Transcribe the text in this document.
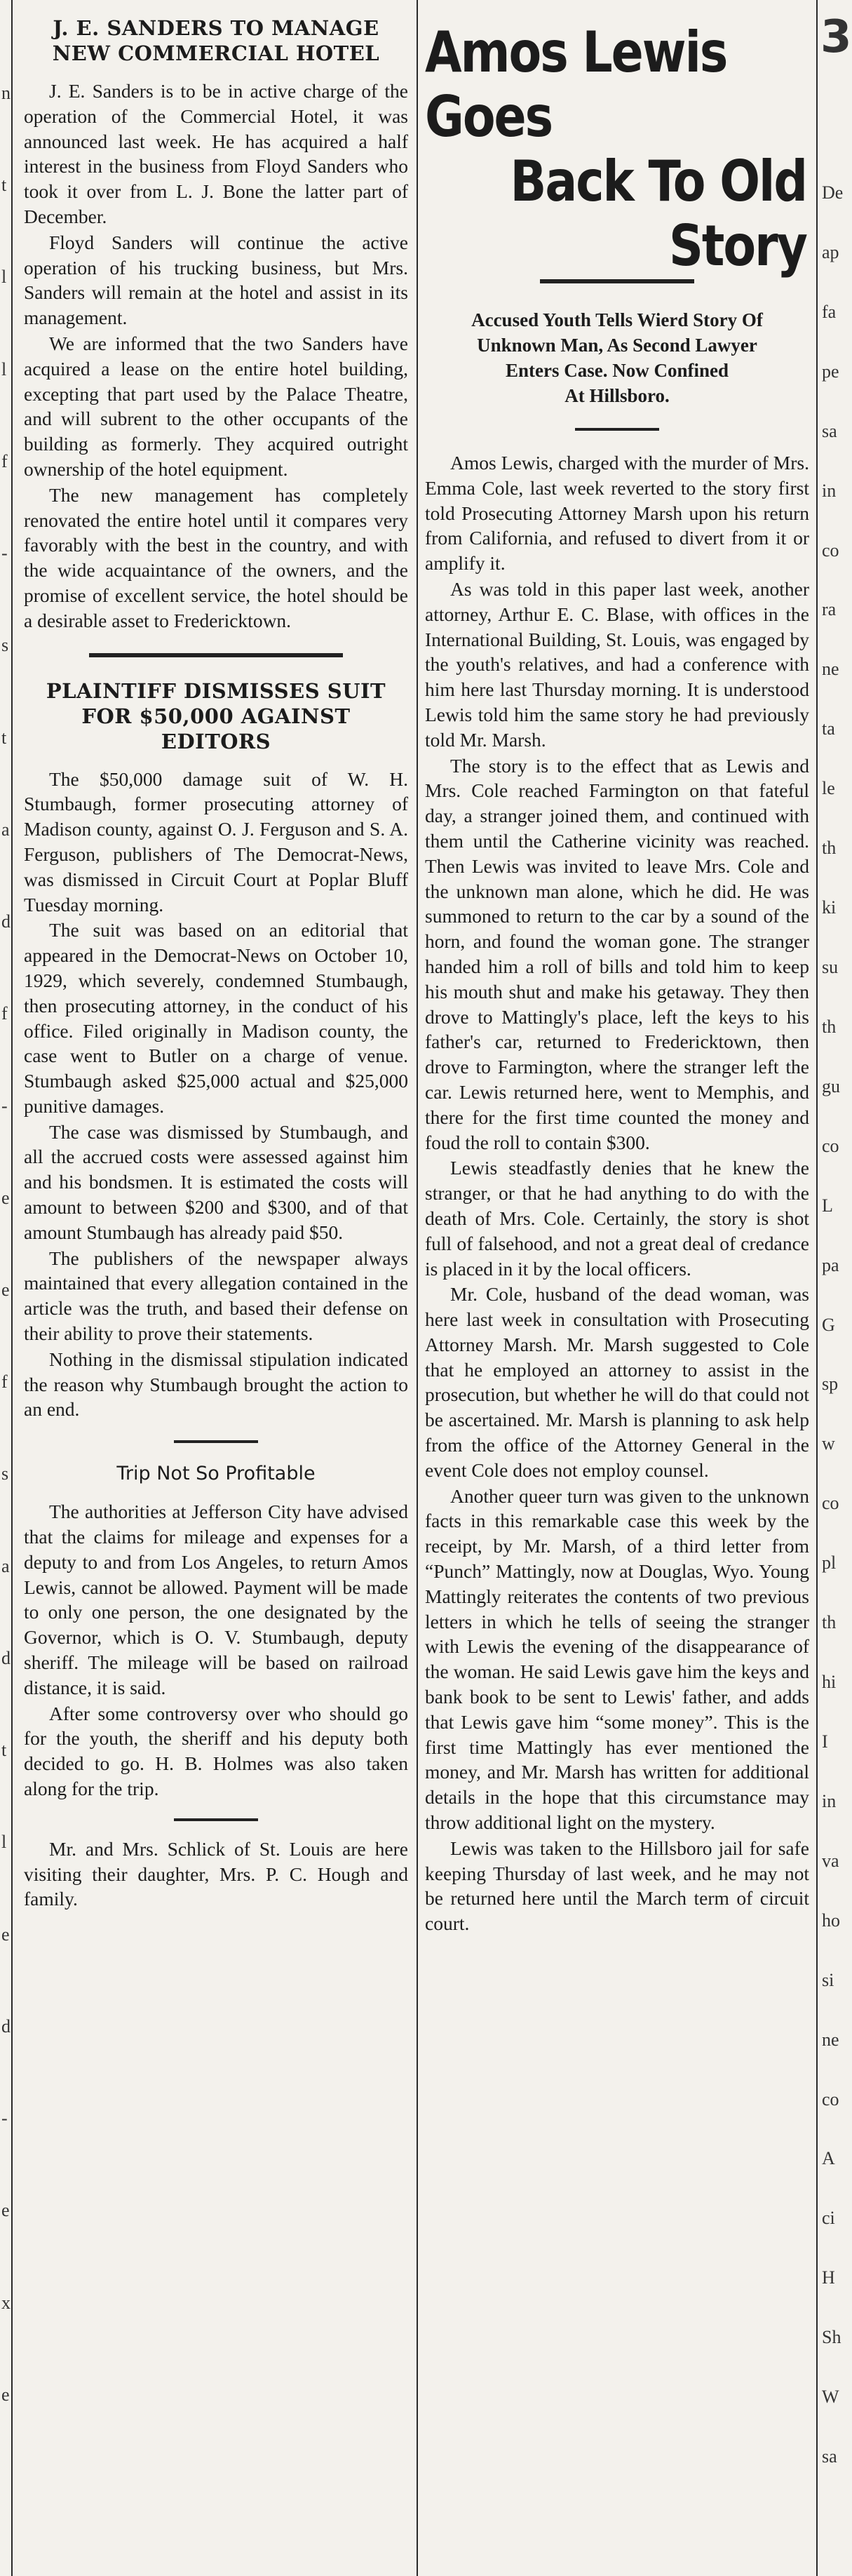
n
t
l
l
f
-
s
t
a
d
f
-
e
e
f
s
a
d
t
l
e
d
-
e
x
e
J. E. SANDERS TO MANAGE
NEW COMMERCIAL HOTEL

J. E. Sanders is to be in active charge of the operation of the Commercial Hotel, it was announced last week. He has acquired a half interest in the business from Floyd Sanders who took it over from L. J. Bone the latter part of December.

Floyd Sanders will continue the active operation of his trucking business, but Mrs. Sanders will remain at the hotel and assist in its management.

We are informed that the two Sanders have acquired a lease on the entire hotel building, excepting that part used by the Palace Theatre, and will subrent to the other occupants of the building as formerly. They acquired outright ownership of the hotel equipment.

The new management has completely renovated the entire hotel until it compares very favorably with the best in the country, and with the wide acquaintance of the owners, and the promise of excellent service, the hotel should be a desirable asset to Fredericktown.

PLAINTIFF DISMISSES SUIT
FOR $50,000 AGAINST EDITORS

The $50,000 damage suit of W. H. Stumbaugh, former prosecuting attorney of Madison county, against O. J. Ferguson and S. A. Ferguson, publishers of The Democrat-News, was dismissed in Circuit Court at Poplar Bluff Tuesday morning.

The suit was based on an editorial that appeared in the Democrat-News on October 10, 1929, which severely, condemned Stumbaugh, then prosecuting attorney, in the conduct of his office. Filed originally in Madison county, the case went to Butler on a charge of venue. Stumbaugh asked $25,000 actual and $25,000 punitive damages.

The case was dismissed by Stumbaugh, and all the accrued costs were assessed against him and his bondsmen. It is estimated the costs will amount to between $200 and $300, and of that amount Stumbaugh has already paid $50.

The publishers of the newspaper always maintained that every allegation contained in the article was the truth, and based their defense on their ability to prove their statements.

Nothing in the dismissal stipulation indicated the reason why Stumbaugh brought the action to an end.

Trip Not So Profitable

The authorities at Jefferson City have advised that the claims for mileage and expenses for a deputy to and from Los Angeles, to return Amos Lewis, cannot be allowed. Payment will be made to only one person, the one designated by the Governor, which is O. V. Stumbaugh, deputy sheriff. The mileage will be based on railroad distance, it is said.

After some controversy over who should go for the youth, the sheriff and his deputy both decided to go. H. B. Holmes was also taken along for the trip.

Mr. and Mrs. Schlick of St. Louis are here visiting their daughter, Mrs. P. C. Hough and family.

Amos Lewis Goes
Back To Old Story
Accused Youth Tells Wierd Story Of
Unknown Man, As Second Lawyer
Enters Case. Now Confined
At Hillsboro.

Amos Lewis, charged with the murder of Mrs. Emma Cole, last week reverted to the story first told Prosecuting Attorney Marsh upon his return from California, and refused to divert from it or amplify it.

As was told in this paper last week, another attorney, Arthur E. C. Blase, with offices in the International Building, St. Louis, was engaged by the youth's relatives, and had a conference with him here last Thursday morning. It is understood Lewis told him the same story he had previously told Mr. Marsh.

The story is to the effect that as Lewis and Mrs. Cole reached Farmington on that fateful day, a stranger joined them, and continued with them until the Catherine vicinity was reached. Then Lewis was invited to leave Mrs. Cole and the unknown man alone, which he did. He was summoned to return to the car by a sound of the horn, and found the woman gone. The stranger handed him a roll of bills and told him to keep his mouth shut and make his getaway. They then drove to Mattingly's place, left the keys to his father's car, returned to Fredericktown, then drove to Farmington, where the stranger left the car. Lewis returned here, went to Memphis, and there for the first time counted the money and foud the roll to contain $300.

Lewis steadfastly denies that he knew the stranger, or that he had anything to do with the death of Mrs. Cole. Certainly, the story is shot full of falsehood, and not a great deal of credance is placed in it by the local officers.

Mr. Cole, husband of the dead woman, was here last week in consultation with Prosecuting Attorney Marsh. Mr. Marsh suggested to Cole that he employed an attorney to assist in the prosecution, but whether he will do that could not be ascertained. Mr. Marsh is planning to ask help from the office of the Attorney General in the event Cole does not employ counsel.

Another queer turn was given to the unknown facts in this remarkable case this week by the receipt, by Mr. Marsh, of a third letter from “Punch” Mattingly, now at Douglas, Wyo. Young Mattingly reiterates the contents of two previous letters in which he tells of seeing the stranger with Lewis the evening of the disappearance of the woman. He said Lewis gave him the keys and bank book to be sent to Lewis' father, and adds that Lewis gave him “some money”. This is the first time Mattingly has ever mentioned the money, and Mr. Marsh has written for additional details in the hope that this circumstance may throw additional light on the mystery.

Lewis was taken to the Hillsboro jail for safe keeping Thursday of last week, and he may not be returned here until the March term of circuit court.

3
De
ap
fa
pe
sa
in
co
ra
ne
ta
le
th
ki
su
th
gu
co
L
pa
G
sp
w
co
pl
th
hi
I
in
va
ho
si
ne
co
A
ci
H
Sh
W
sa
